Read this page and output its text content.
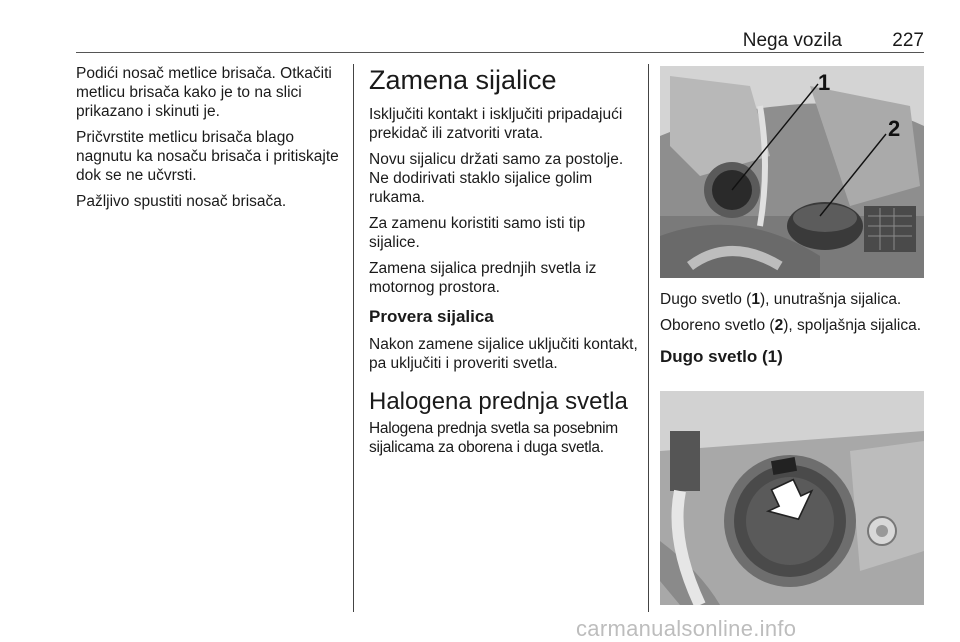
Nega vozila	227

Podići nosač metlice brisača. Otkačiti metlicu brisača kako je to na slici prikazano i skinuti je.

Pričvrstite metlicu brisača blago nagnutu ka nosaču brisača i pritiskajte dok se ne učvrsti.

Pažljivo spustiti nosač brisača.

Zamena sijalice

Isključiti kontakt i isključiti pripadajući prekidač ili zatvoriti vrata.

Novu sijalicu držati samo za postolje. Ne dodirivati staklo sijalice golim rukama.

Za zamenu koristiti samo isti tip sijalice.

Zamena sijalica prednjih svetla iz motornog prostora.

Provera sijalica

Nakon zamene sijalice uključiti kontakt, pa uključiti i proveriti svetla.

Halogena prednja svetla

Halogena prednja svetla sa posebnim sijalicama za oborena i duga svetla.

1
2

Dugo svetlo (1), unutrašnja sijalica.

Oboreno svetlo (2), spoljašnja sijalica.

Dugo svetlo (1)
carmanualsonline.info
